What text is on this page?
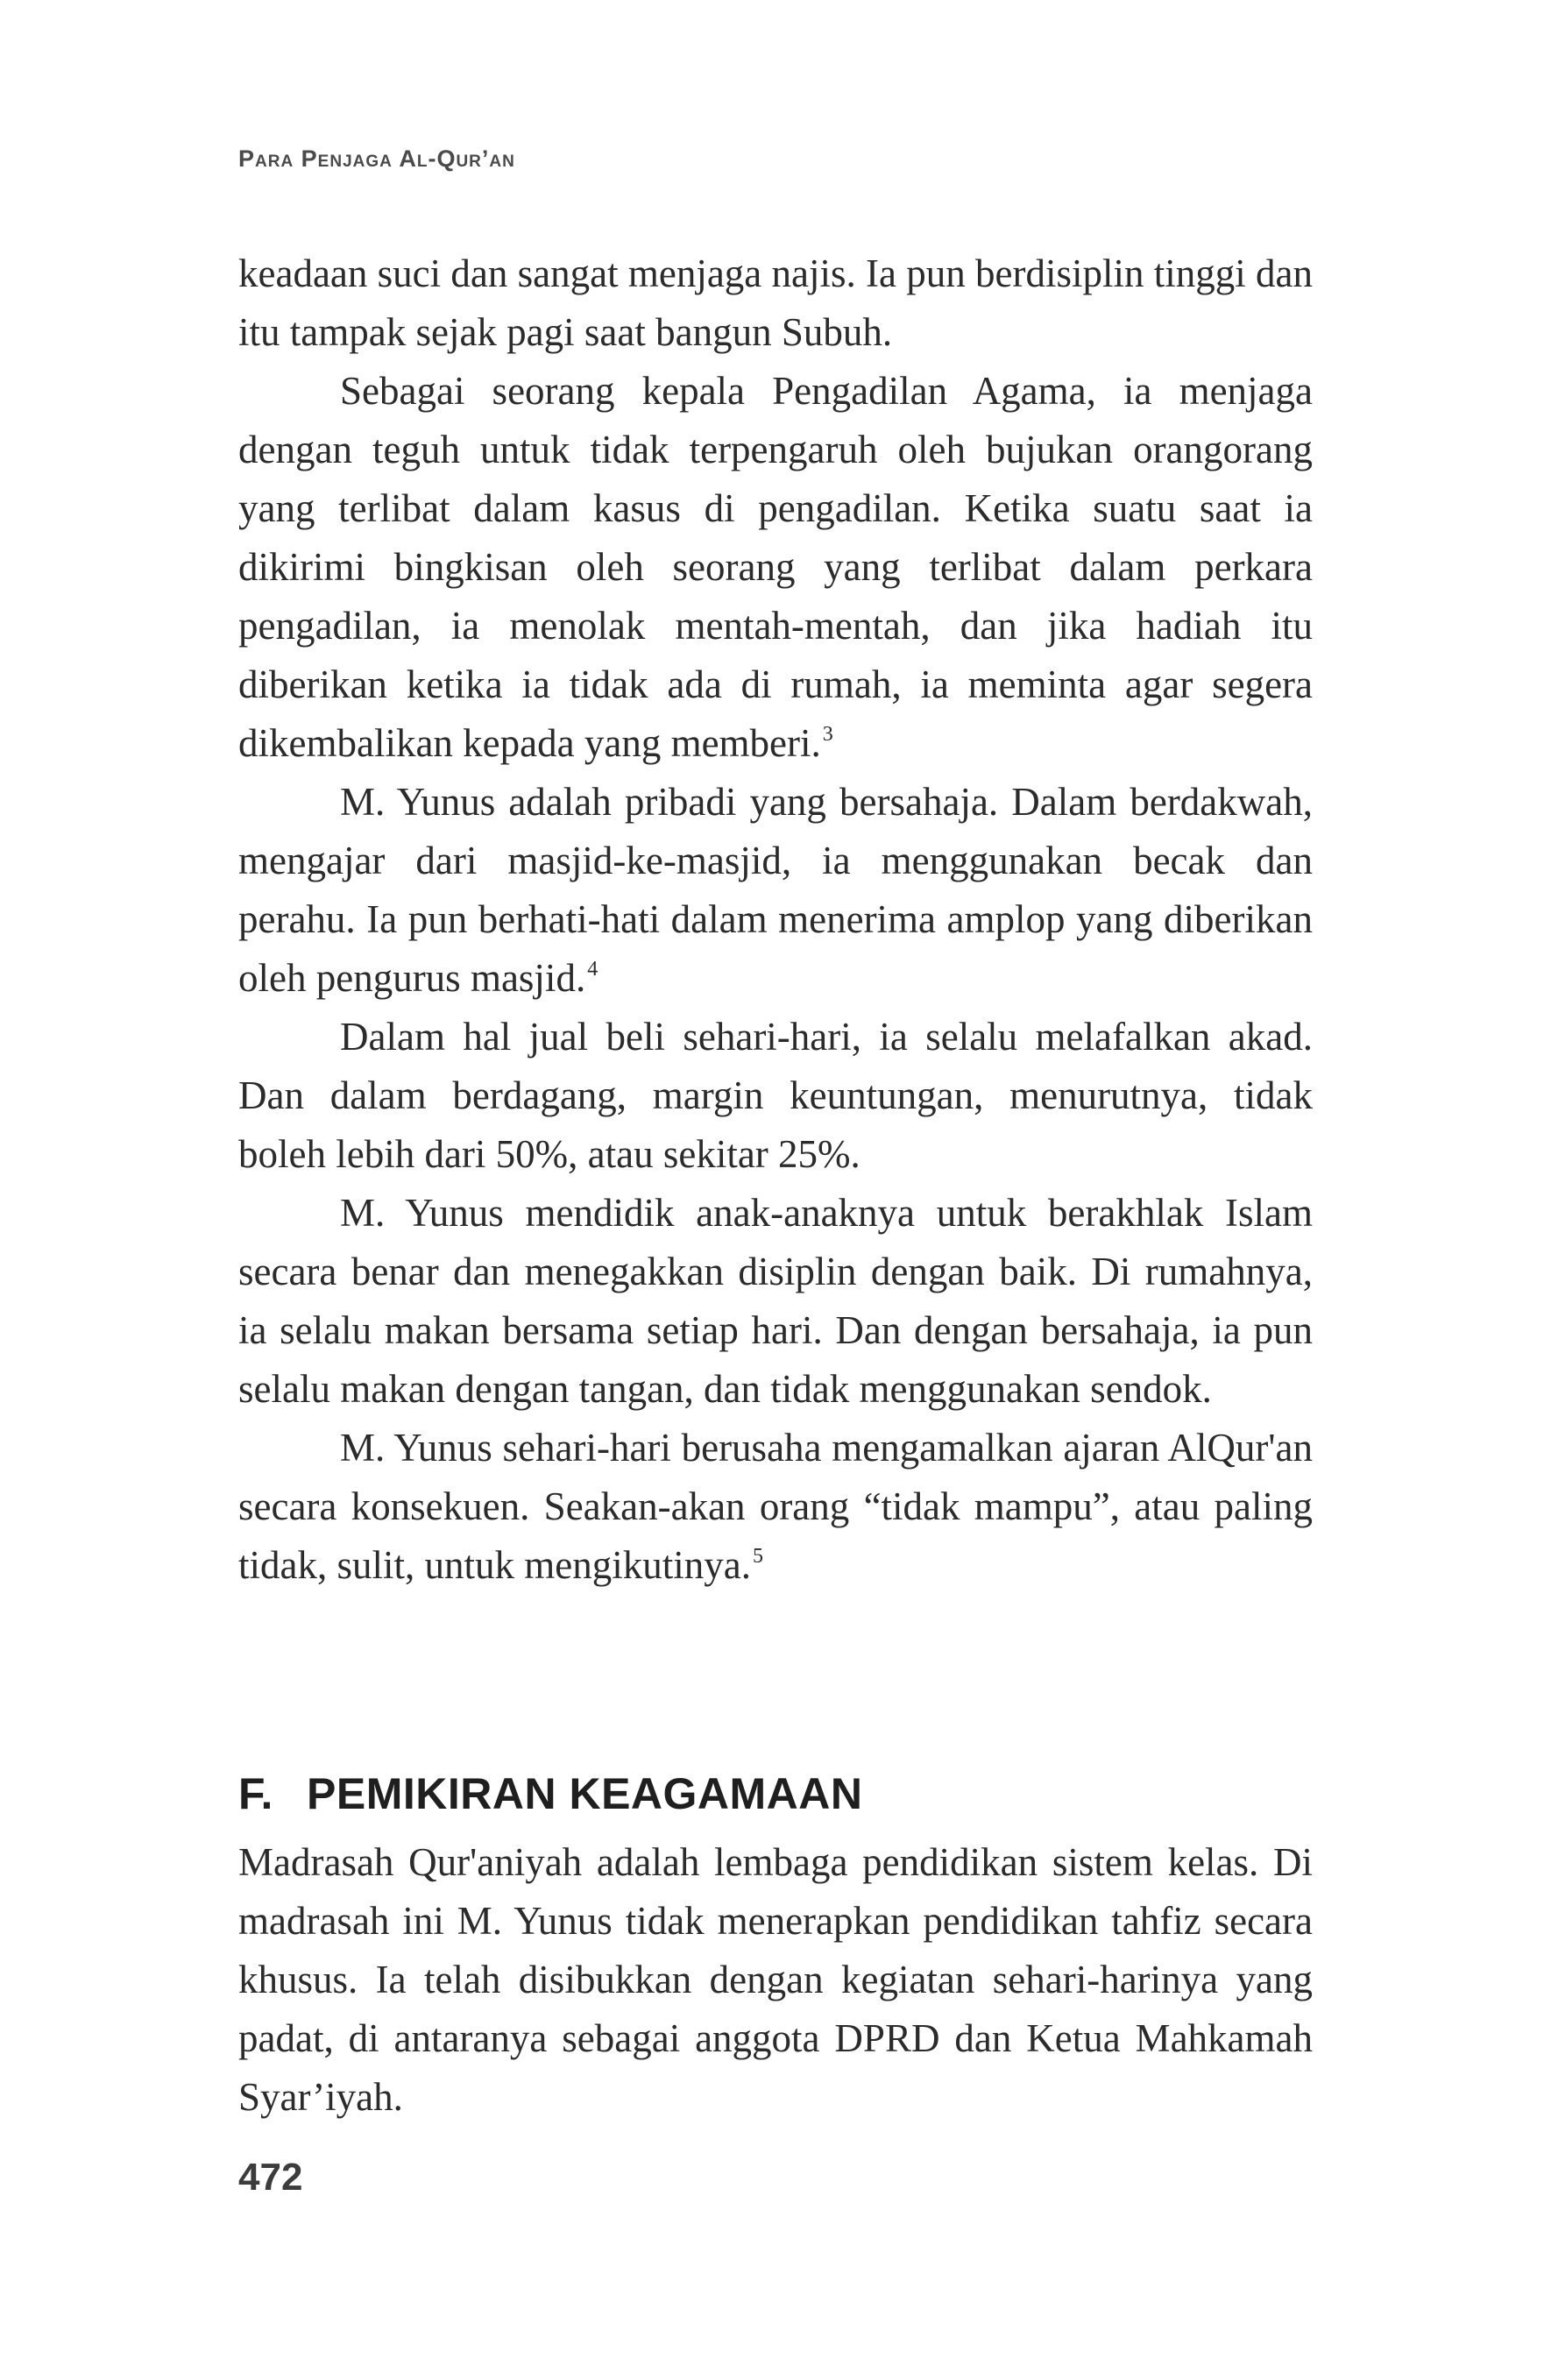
Para Penjaga Al-Qur’an

keadaan suci dan sangat menjaga najis. Ia pun berdisiplin tinggi dan itu tampak sejak pagi saat bangun Subuh.

Sebagai seorang kepala Pengadilan Agama, ia menjaga dengan teguh untuk tidak terpengaruh oleh bujukan orangorang yang terlibat dalam kasus di pengadilan. Ketika suatu saat ia dikirimi bingkisan oleh seorang yang terlibat dalam perkara pengadilan, ia menolak mentah-mentah, dan jika hadiah itu diberikan ketika ia tidak ada di rumah, ia meminta agar segera dikembalikan kepada yang memberi.$^3$

M. Yunus adalah pribadi yang bersahaja. Dalam berdakwah, mengajar dari masjid-ke-masjid, ia menggunakan becak dan perahu. Ia pun berhati-hati dalam menerima amplop yang diberikan oleh pengurus masjid.$^4$

Dalam hal jual beli sehari-hari, ia selalu melafalkan akad. Dan dalam berdagang, margin keuntungan, menurutnya, tidak boleh lebih dari 50%, atau sekitar 25%.

M. Yunus mendidik anak-anaknya untuk berakhlak Islam secara benar dan menegakkan disiplin dengan baik. Di rumahnya, ia selalu makan bersama setiap hari. Dan dengan bersahaja, ia pun selalu makan dengan tangan, dan tidak menggunakan sendok.

M. Yunus sehari-hari berusaha mengamalkan ajaran AlQur'an secara konsekuen. Seakan-akan orang “tidak mampu”, atau paling tidak, sulit, untuk mengikutinya.$^5$

F. PEMIKIRAN KEAGAMAAN

Madrasah Qur'aniyah adalah lembaga pendidikan sistem kelas. Di madrasah ini M. Yunus tidak menerapkan pendidikan tahfiz secara khusus. Ia telah disibukkan dengan kegiatan sehari-harinya yang padat, di antaranya sebagai anggota DPRD dan Ketua Mahkamah Syar’iyah.

472
